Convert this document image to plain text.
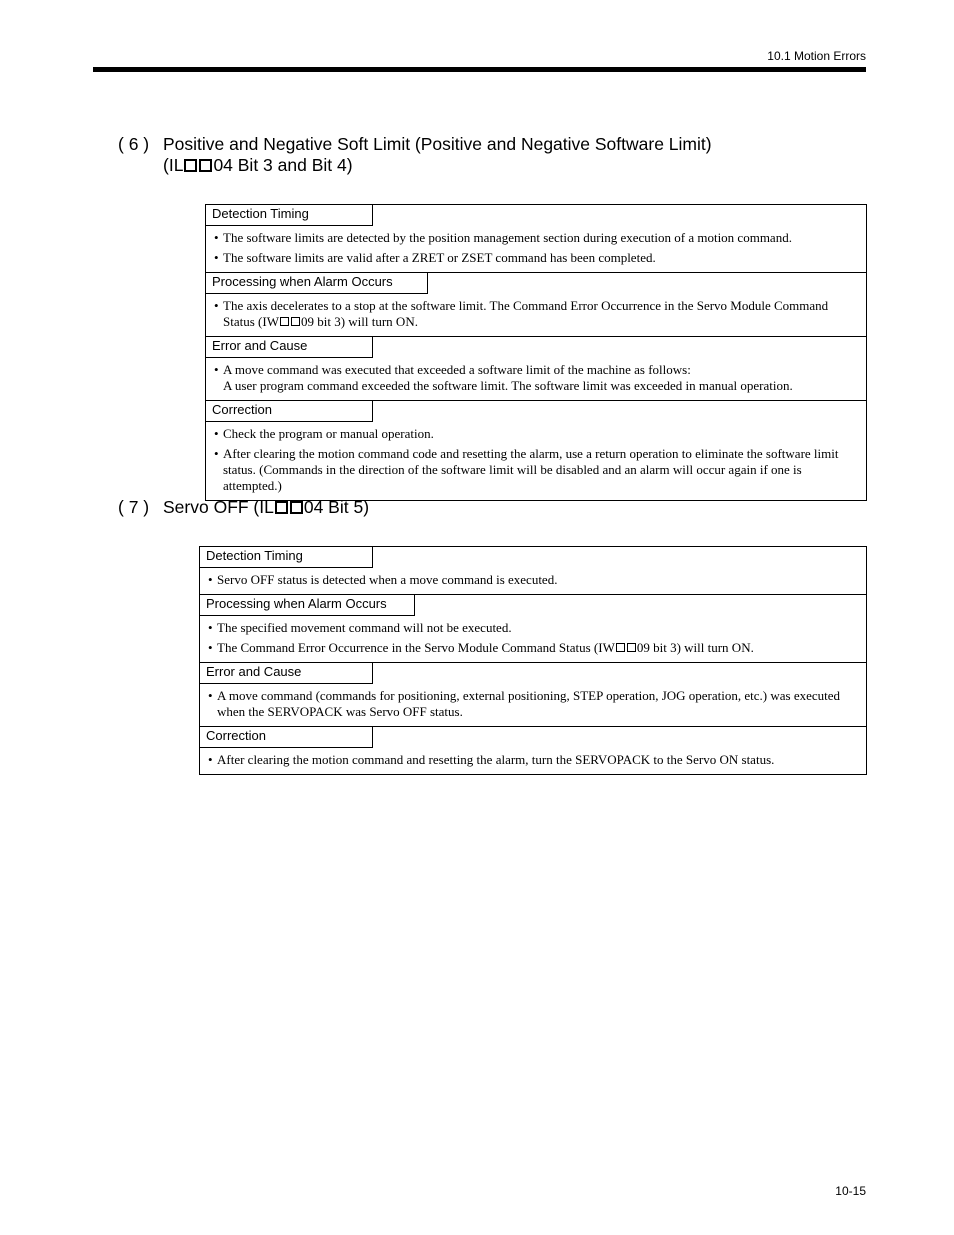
10.1 Motion Errors
( 6 ) Positive and Negative Soft Limit (Positive and Negative Software Limit)
(IL 04 Bit 3 and Bit 4)
Detection Timing
• The software limits are detected by the position management section during execution of a motion command.
• The software limits are valid after a ZRET or ZSET command has been completed.
Processing when Alarm Occurs
• The axis decelerates to a stop at the software limit. The Command Error Occurrence in the Servo Module Command Status (IW 09 bit 3) will turn ON.
Error and Cause
• A move command was executed that exceeded a software limit of the machine as follows:
A user program command exceeded the software limit. The software limit was exceeded in manual operation.
Correction
• Check the program or manual operation.
• After clearing the motion command code and resetting the alarm, use a return operation to eliminate the software limit status. (Commands in the direction of the software limit will be disabled and an alarm will occur again if one is attempted.)
( 7 ) Servo OFF (IL 04 Bit 5)
Detection Timing
• Servo OFF status is detected when a move command is executed.
Processing when Alarm Occurs
• The specified movement command will not be executed.
• The Command Error Occurrence in the Servo Module Command Status (IW 09 bit 3) will turn ON.
Error and Cause
• A move command (commands for positioning, external positioning, STEP operation, JOG operation, etc.) was executed when the SERVOPACK was Servo OFF status.
Correction
• After clearing the motion command and resetting the alarm, turn the SERVOPACK to the Servo ON status.
10-15
